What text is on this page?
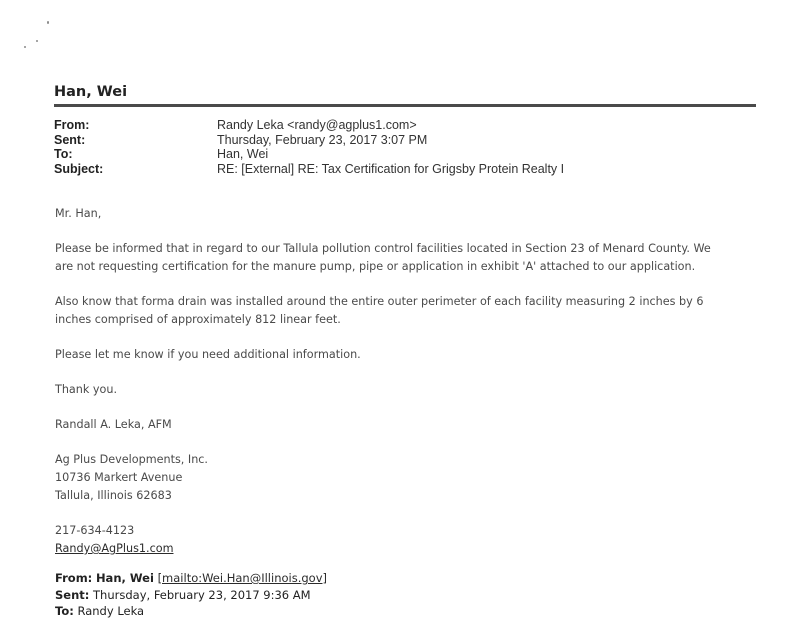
Han, Wei
From:	Randy Leka <randy@agplus1.com>
Sent:	Thursday, February 23, 2017 3:07 PM
To:	Han, Wei
Subject:	RE: [External] RE: Tax Certification for Grigsby Protein Realty I
Mr. Han,
Please be informed that in regard to our Tallula pollution control facilities located in Section 23 of Menard County. We
are not requesting certification for the manure pump, pipe or application in exhibit 'A' attached to our application.
Also know that forma drain was installed around the entire outer perimeter of each facility measuring 2 inches by 6
inches comprised of approximately 812 linear feet.
Please let me know if you need additional information.
Thank you.
Randall A. Leka, AFM
Ag Plus Developments, Inc.
10736 Markert Avenue
Tallula, Illinois 62683
217-634-4123
Randy@AgPlus1.com
From: Han, Wei [mailto:Wei.Han@Illinois.gov]
Sent: Thursday, February 23, 2017 9:36 AM
To: Randy Leka
